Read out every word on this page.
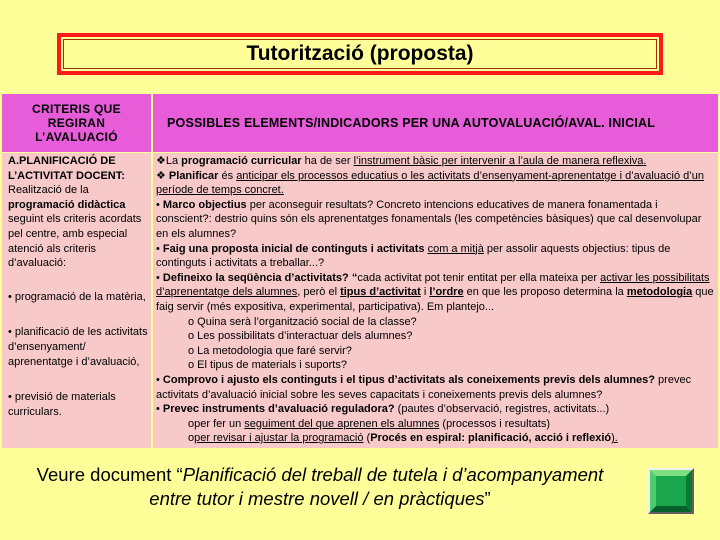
Tutorització (proposta)
CRITERIS QUE REGIRAN L’AVALUACIÓ
POSSIBLES ELEMENTS/INDICADORS PER UNA AUTOVALUACIÓ/AVAL. INICIAL

A.PLANIFICACIÓ DE L’ACTIVITAT DOCENT:

Realització de la programació didàctica seguint els criteris acordats pel centre, amb especial atenció als criteris d’avaluació:

• programació de la matèria,

• planificació de les activitats d’ensenyament/ aprenentatge i d’avaluació,

• previsió de materials curriculars.

❖La programació curricular ha de ser l’instrument bàsic per intervenir a l’aula de manera reflexiva.

❖ Planificar és anticipar els processos educatius o les activitats d’ensenyament-aprenentatge i d’avaluació d’un període de temps concret.

• Marco objectius per aconseguir resultats? Concreto intencions educatives de manera fonamentada i conscient?: destrio quins són els aprenentatges fonamentals (les competències bàsiques) que cal desenvolupar en els alumnes?

• Faig una proposta inicial de continguts i activitats com a mitjà per assolir aquests objectius: tipus de continguts i activitats a treballar...?

• Defineixo la seqüència d’activitats? “cada activitat pot tenir entitat per ella mateixa per activar les possibilitats d’aprenentatge dels alumnes, però el tipus d’activitat i l’ordre en que les proposo determina la metodologia que faig servir (més expositiva, experimental, participativa). Em plantejo...

o Quina serà l’organització social de la classe?

o Les possibilitats d’interactuar dels alumnes?

o La metodologia que faré servir?

o El tipus de materials i suports?

• Comprovo i ajusto els continguts i el tipus d’activitats als coneixements previs dels alumnes? prevec activitats d’avaluació inicial sobre les seves capacitats i coneixements previs dels alumnes?

• Prevec instruments d’avaluació reguladora? (pautes d’observació, registres, activitats...)

oper fer un seguiment del que aprenen els alumnes (processos i resultats)

oper revisar i ajustar la programació (Procés en espiral: planificació, acció i reflexió).

Veure document “Planificació del treball de tutela i d’acompanyament entre tutor i mestre novell / en pràctiques”
